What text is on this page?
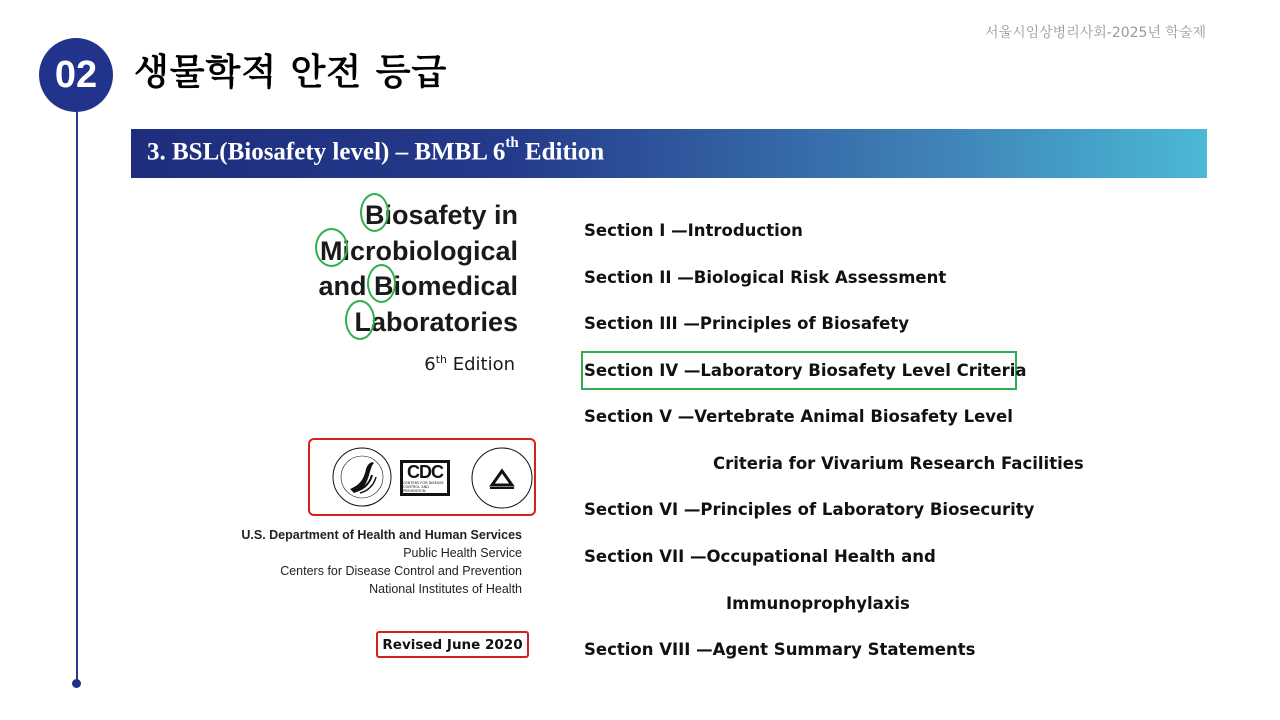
서울시임상병리사회-2025년 학술제
02	생물학적 안전 등급
3. BSL(Biosafety level) – BMBL 6th Edition
Biosafety in
Microbiological
and Biomedical
Laboratories
6th Edition
CDC
CENTERS FOR DISEASE CONTROL AND PREVENTION
U.S. Department of Health and Human Services
Public Health Service
Centers for Disease Control and Prevention
National Institutes of Health
Revised June 2020
Section I —Introduction
Section II —Biological Risk Assessment
Section III —Principles of Biosafety
Section IV —Laboratory Biosafety Level Criteria
Section V —Vertebrate Animal Biosafety Level
Criteria for Vivarium Research Facilities
Section VI —Principles of Laboratory Biosecurity
Section VII —Occupational Health and
Immunoprophylaxis
Section VIII —Agent Summary Statements
